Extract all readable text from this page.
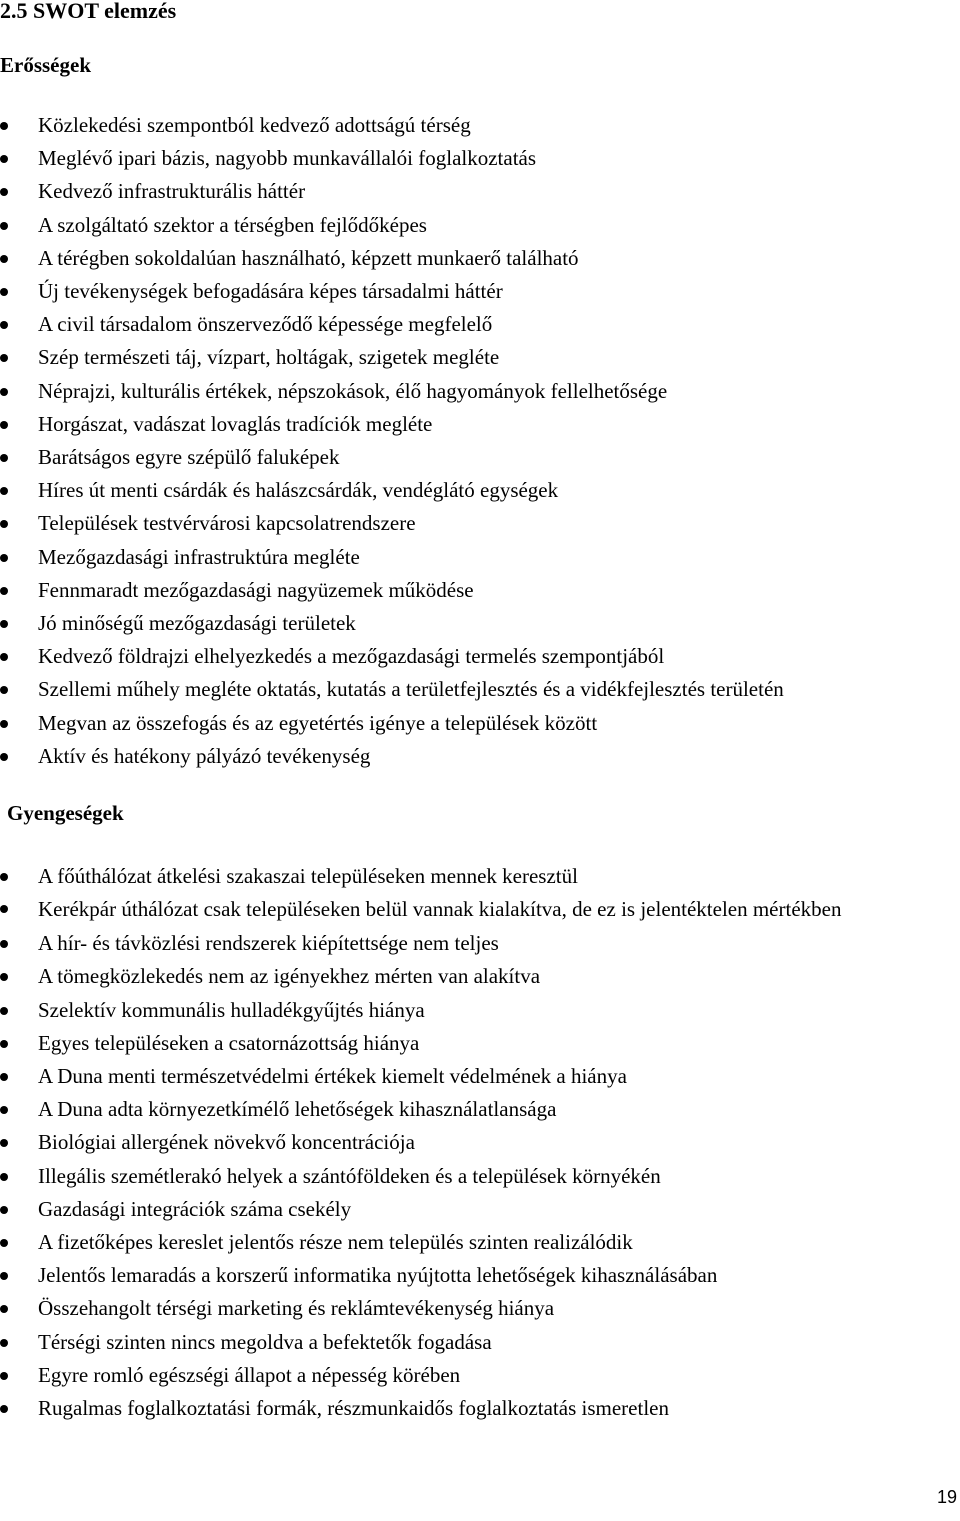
2.5 SWOT elemzés
Erősségek
Közlekedési szempontból kedvező adottságú térség
Meglévő ipari bázis, nagyobb munkavállalói foglalkoztatás
Kedvező infrastrukturális háttér
A szolgáltató szektor a térségben fejlődőképes
A térégben sokoldalúan használható, képzett munkaerő található
Új tevékenységek befogadására képes társadalmi háttér
A civil társadalom önszerveződő képessége megfelelő
Szép természeti táj, vízpart, holtágak, szigetek megléte
Néprajzi, kulturális értékek, népszokások, élő hagyományok fellelhetősége
Horgászat, vadászat lovaglás tradíciók megléte
Barátságos egyre szépülő faluképek
Híres út menti csárdák és halászcsárdák, vendéglátó egységek
Települések testvérvárosi kapcsolatrendszere
Mezőgazdasági infrastruktúra megléte
Fennmaradt mezőgazdasági nagyüzemek működése
Jó minőségű mezőgazdasági területek
Kedvező földrajzi elhelyezkedés a mezőgazdasági termelés szempontjából
Szellemi műhely megléte oktatás, kutatás a területfejlesztés és a vidékfejlesztés területén
Megvan az összefogás és az egyetértés igénye a települések között
Aktív és hatékony pályázó tevékenység
Gyengeségek
A főúthálózat átkelési szakaszai településeken mennek keresztül
Kerékpár úthálózat csak településeken belül vannak kialakítva, de ez is jelentéktelen mértékben
A hír- és távközlési rendszerek kiépítettsége nem teljes
A tömegközlekedés nem az igényekhez mérten van alakítva
Szelektív kommunális hulladékgyűjtés hiánya
Egyes településeken a csatornázottság hiánya
A Duna menti természetvédelmi értékek kiemelt védelmének a hiánya
A Duna adta környezetkímélő lehetőségek kihasználatlansága
Biológiai allergének növekvő koncentrációja
Illegális szemétlerakó helyek a szántóföldeken és a települések környékén
Gazdasági integrációk száma csekély
A fizetőképes kereslet jelentős része nem település szinten realizálódik
Jelentős lemaradás a korszerű informatika nyújtotta lehetőségek kihasználásában
Összehangolt térségi marketing és reklámtevékenység hiánya
Térségi szinten nincs megoldva a befektetők fogadása
Egyre romló egészségi állapot a népesség körében
Rugalmas foglalkoztatási formák, részmunkaidős foglalkoztatás ismeretlen
19
